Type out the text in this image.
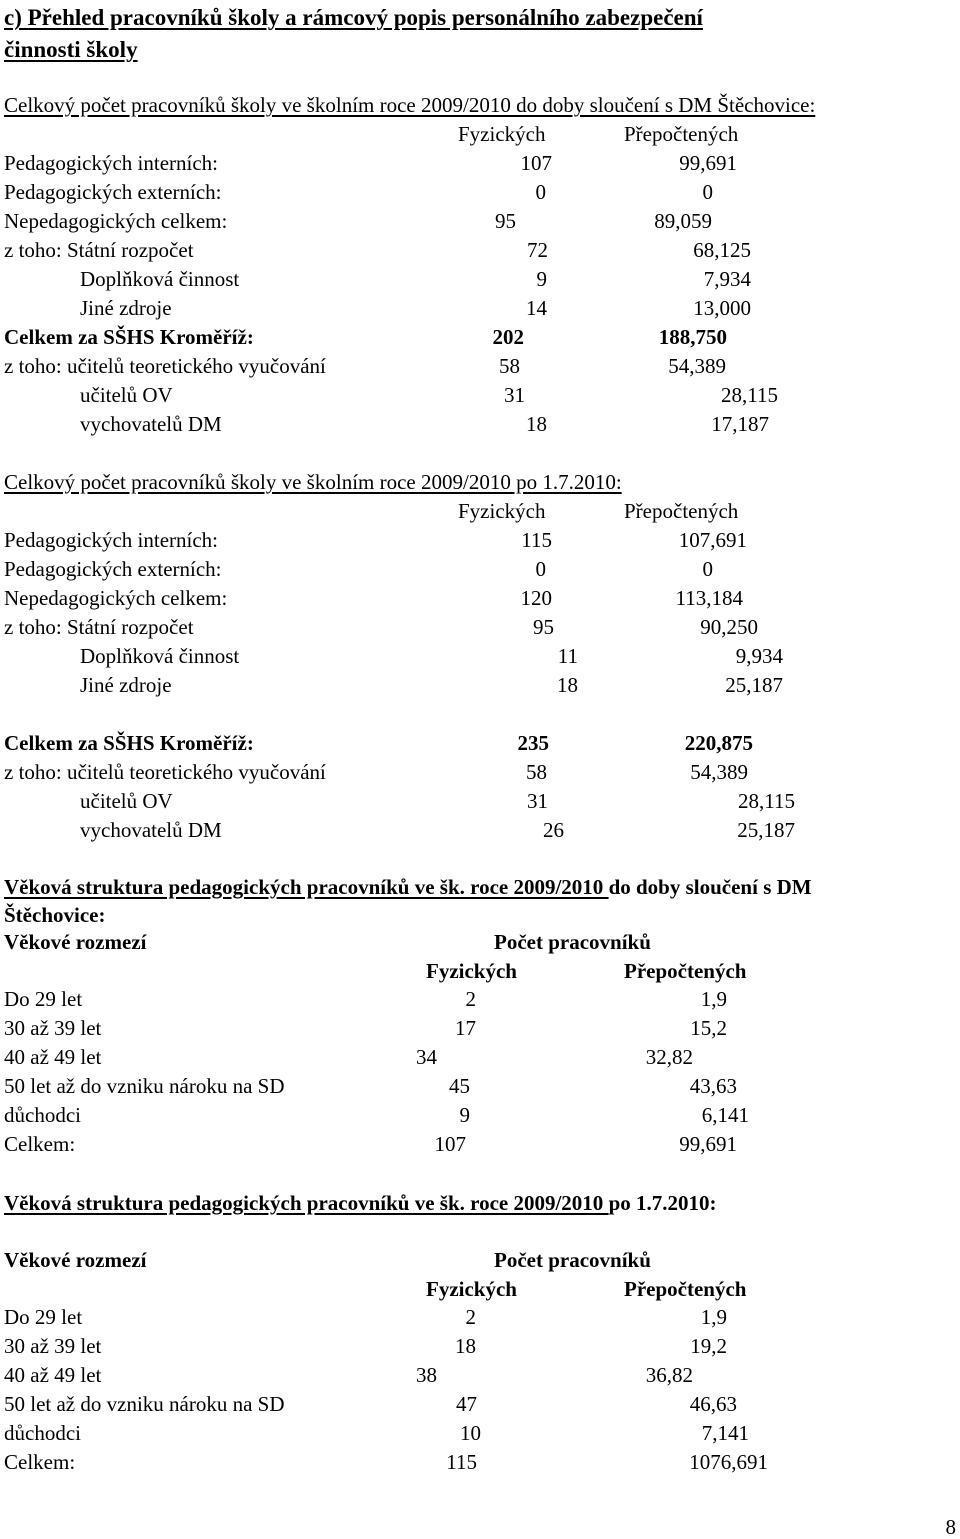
c) Přehled pracovníků školy a rámcový popis personálního zabezpečení
činnosti školy
Celkový počet pracovníků školy ve školním roce 2009/2010 do doby sloučení s DM Štěchovice:
Fyzických	Přepočtených
Pedagogických interních:	107	99,691
Pedagogických externích:	0	0
Nepedagogických celkem:	95	89,059
z toho: Státní rozpočet	72	68,125
Doplňková činnost	9	7,934
Jiné zdroje	14	13,000
Celkem za SŠHS Kroměříž:	202	188,750
z toho: učitelů teoretického vyučování	58	54,389
učitelů OV	31	28,115
vychovatelů DM	18	17,187
Celkový počet pracovníků školy ve školním roce 2009/2010 po 1.7.2010:
Fyzických	Přepočtených
Pedagogických interních:	115	107,691
Pedagogických externích:	0	0
Nepedagogických celkem:	120	113,184
z toho: Státní rozpočet	95	90,250
Doplňková činnost	11	9,934
Jiné zdroje	18	25,187
Celkem za SŠHS Kroměříž:	235	220,875
z toho: učitelů teoretického vyučování	58	54,389
učitelů OV	31	28,115
vychovatelů DM	26	25,187
Věková struktura pedagogických pracovníků ve šk. roce 2009/2010 do doby sloučení s DM
Štěchovice:
Věkové rozmezí	Počet pracovníků
Fyzických	Přepočtených
Do 29 let	2	1,9
30 až 39 let	17	15,2
40 až 49 let	34	32,82
50 let až do vzniku nároku na SD	45	43,63
důchodci	9	6,141
Celkem:	107	99,691
Věková struktura pedagogických pracovníků ve šk. roce 2009/2010 po 1.7.2010:
Věkové rozmezí	Počet pracovníků
Fyzických	Přepočtených
Do 29 let	2	1,9
30 až 39 let	18	19,2
40 až 49 let	38	36,82
50 let až do vzniku nároku na SD	47	46,63
důchodci	10	7,141
Celkem:	115	1076,691
8
